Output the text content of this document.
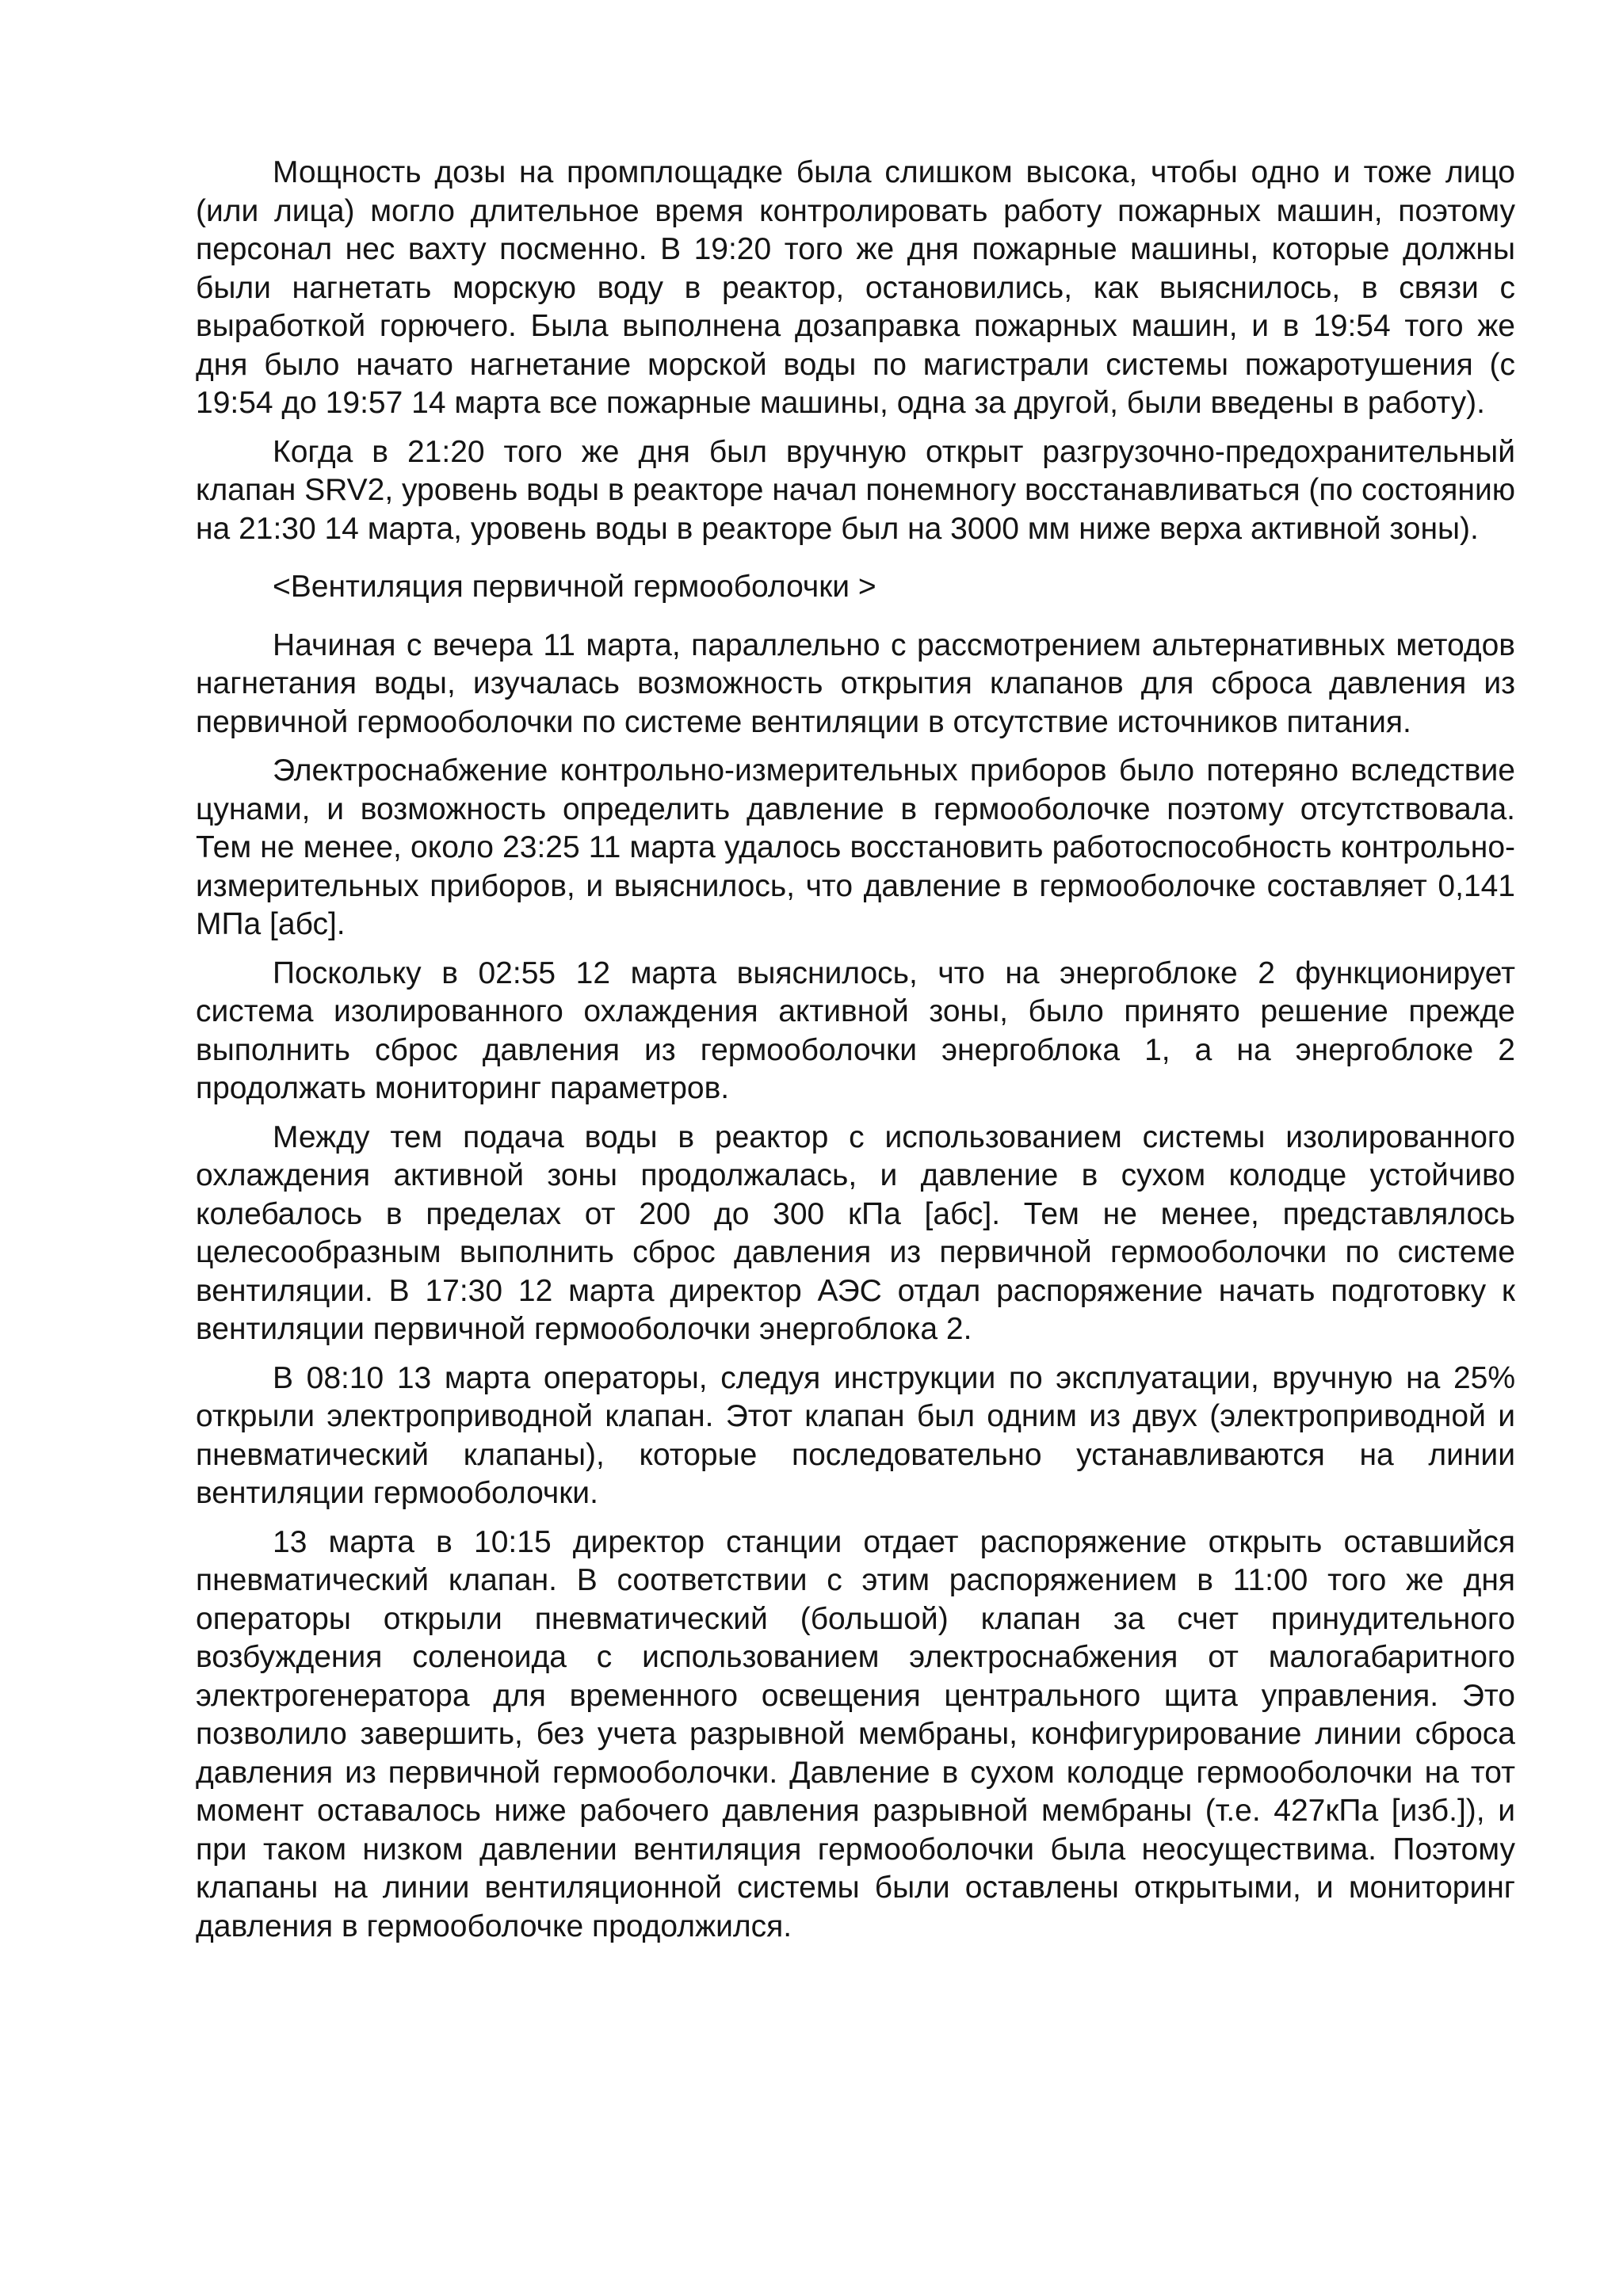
Мощность дозы на промплощадке была слишком высока, чтобы одно и тоже лицо (или лица) могло длительное время контролировать работу пожарных машин, поэтому персонал нес вахту посменно. В 19:20 того же дня пожарные машины, которые должны были нагнетать морскую воду в реактор, остановились, как выяснилось, в связи с выработкой горючего. Была выполнена дозаправка пожарных машин, и в 19:54 того же дня было начато нагнетание морской воды по магистрали системы пожаротушения (с 19:54 до 19:57 14 марта все пожарные машины, одна за другой, были введены в работу).

Когда в 21:20 того же дня был вручную открыт разгрузочно-предохранительный клапан SRV2, уровень воды в реакторе начал понемногу восстанавливаться (по состоянию на 21:30 14 марта, уровень воды в реакторе был на 3000 мм ниже верха активной зоны).

<Вентиляция первичной гермооболочки >

Начиная с вечера 11 марта, параллельно с рассмотрением альтернативных методов нагнетания воды, изучалась возможность открытия клапанов для сброса давления из первичной гермооболочки по системе вентиляции в отсутствие источников питания.

Электроснабжение контрольно-измерительных приборов было потеряно вследствие цунами, и возможность определить давление в гермооболочке поэтому отсутствовала. Тем не менее, около 23:25 11 марта удалось восстановить работоспособность контрольно-измерительных приборов, и выяснилось, что давление в гермооболочке составляет 0,141 МПа [абс].

Поскольку в 02:55 12 марта выяснилось, что на энергоблоке 2 функционирует система изолированного охлаждения активной зоны, было принято решение прежде выполнить сброс давления из гермооболочки энергоблока 1, а на энергоблоке 2 продолжать мониторинг параметров.

Между тем подача воды в реактор с использованием системы изолированного охлаждения активной зоны продолжалась, и давление в сухом колодце устойчиво колебалось в пределах от 200 до 300 кПа [абс]. Тем не менее, представлялось целесообразным выполнить сброс давления из первичной гермооболочки по системе вентиляции. В 17:30 12 марта директор АЭС отдал распоряжение начать подготовку к вентиляции первичной гермооболочки энергоблока 2.

В 08:10 13 марта операторы, следуя инструкции по эксплуатации, вручную на 25% открыли электроприводной клапан. Этот клапан был одним из двух (электроприводной и пневматический клапаны), которые последовательно устанавливаются на линии вентиляции гермооболочки.

13 марта в 10:15 директор станции отдает распоряжение открыть оставшийся пневматический клапан. В соответствии с этим распоряжением в 11:00 того же дня операторы открыли пневматический (большой) клапан за счет принудительного возбуждения соленоида с использованием электроснабжения от малогабаритного электрогенератора для временного освещения центрального щита управления. Это позволило завершить, без учета разрывной мембраны, конфигурирование линии сброса давления из первичной гермооболочки. Давление в сухом колодце гермооболочки на тот момент оставалось ниже рабочего давления разрывной мембраны (т.е. 427кПа [изб.]), и при таком низком давлении вентиляция гермооболочки была неосуществима. Поэтому клапаны на линии вентиляционной системы были оставлены открытыми, и мониторинг давления в гермооболочке продолжился.
